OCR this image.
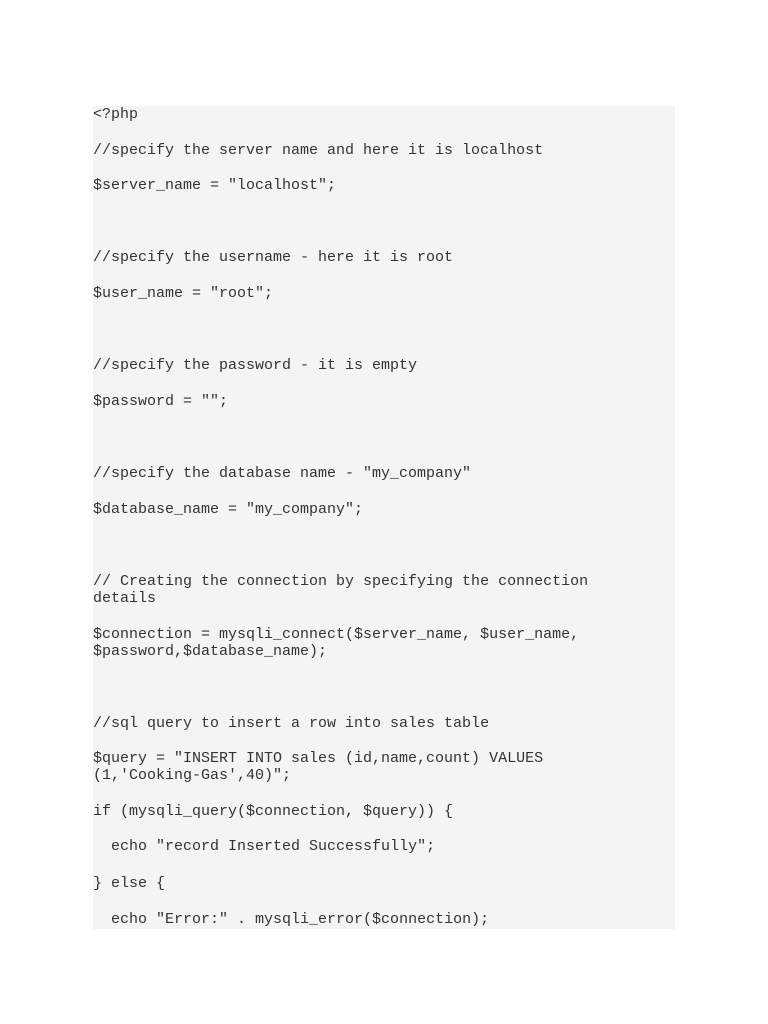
<?php
//specify the server name and here it is localhost
$server_name = "localhost";
//specify the username - here it is root
$user_name = "root";
//specify the password - it is empty
$password = "";
//specify the database name - "my_company"
$database_name = "my_company";
// Creating the connection by specifying the connection details
$connection = mysqli_connect($server_name, $user_name, $password,$database_name);
//sql query to insert a row into sales table
$query = "INSERT INTO sales (id,name,count) VALUES (1,'Cooking-Gas',40)";
if (mysqli_query($connection, $query)) {
echo "record Inserted Successfully";
} else {
echo "Error:" . mysqli_error($connection);
